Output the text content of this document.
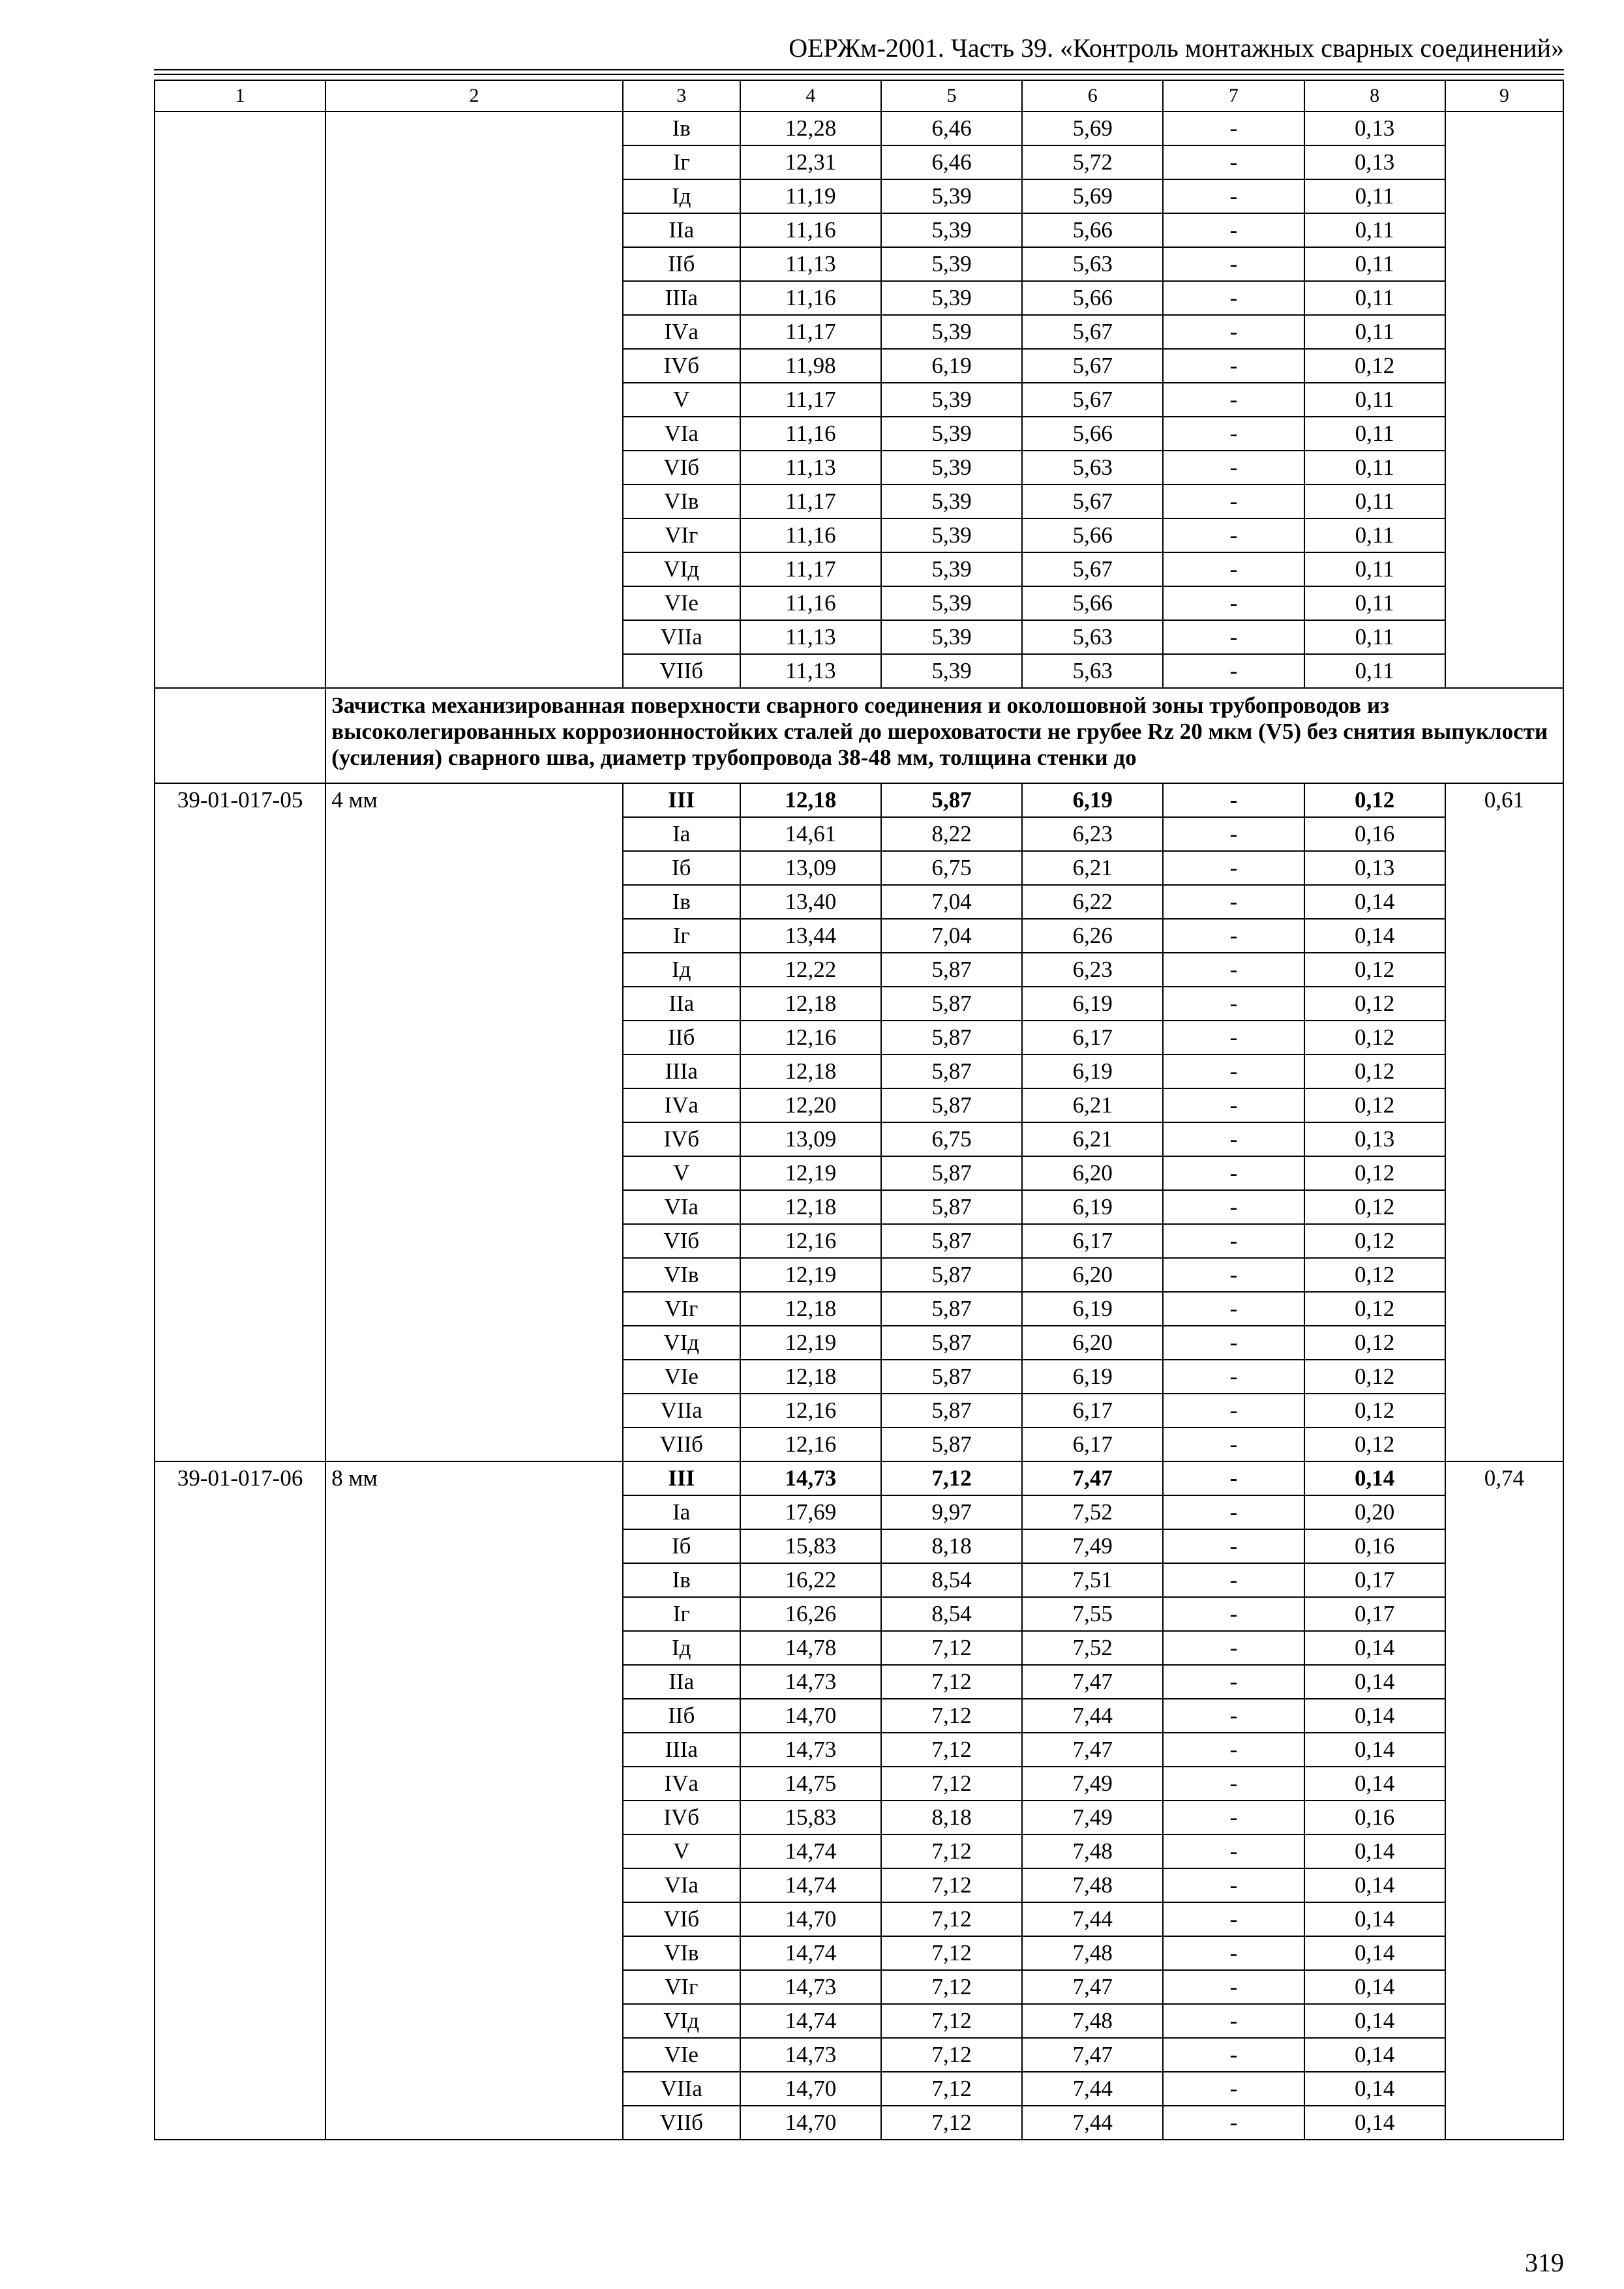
ОЕРЖм-2001. Часть 39. «Контроль монтажных сварных соединений»
1	2	3	4	5	6	7	8	9
		Iв	12,28	6,46	5,69	-	0,13	
		Iг	12,31	6,46	5,72	-	0,13	
		Iд	11,19	5,39	5,69	-	0,11	
		IIа	11,16	5,39	5,66	-	0,11	
		IIб	11,13	5,39	5,63	-	0,11	
		IIIа	11,16	5,39	5,66	-	0,11	
		IVа	11,17	5,39	5,67	-	0,11	
		IVб	11,98	6,19	5,67	-	0,12	
		V	11,17	5,39	5,67	-	0,11	
		VIа	11,16	5,39	5,66	-	0,11	
		VIб	11,13	5,39	5,63	-	0,11	
		VIв	11,17	5,39	5,67	-	0,11	
		VIг	11,16	5,39	5,66	-	0,11	
		VIд	11,17	5,39	5,67	-	0,11	
		VIе	11,16	5,39	5,66	-	0,11	
		VIIа	11,13	5,39	5,63	-	0,11	
		VIIб	11,13	5,39	5,63	-	0,11	
	Зачистка механизированная поверхности сварного соединения и околошовной зоны трубопроводов из высоколегированных коррозионностойких сталей до шероховатости не грубее Rz 20 мкм (V5) без снятия выпуклости (усиления) сварного шва, диаметр трубопровода 38-48 мм, толщина стенки до							
39-01-017-05	4 мм	III	12,18	5,87	6,19	-	0,12	0,61
		Iа	14,61	8,22	6,23	-	0,16	
		Iб	13,09	6,75	6,21	-	0,13	
		Iв	13,40	7,04	6,22	-	0,14	
		Iг	13,44	7,04	6,26	-	0,14	
		Iд	12,22	5,87	6,23	-	0,12	
		IIа	12,18	5,87	6,19	-	0,12	
		IIб	12,16	5,87	6,17	-	0,12	
		IIIа	12,18	5,87	6,19	-	0,12	
		IVа	12,20	5,87	6,21	-	0,12	
		IVб	13,09	6,75	6,21	-	0,13	
		V	12,19	5,87	6,20	-	0,12	
		VIа	12,18	5,87	6,19	-	0,12	
		VIб	12,16	5,87	6,17	-	0,12	
		VIв	12,19	5,87	6,20	-	0,12	
		VIг	12,18	5,87	6,19	-	0,12	
		VIд	12,19	5,87	6,20	-	0,12	
		VIе	12,18	5,87	6,19	-	0,12	
		VIIа	12,16	5,87	6,17	-	0,12	
		VIIб	12,16	5,87	6,17	-	0,12	
39-01-017-06	8 мм	III	14,73	7,12	7,47	-	0,14	0,74
		Iа	17,69	9,97	7,52	-	0,20	
		Iб	15,83	8,18	7,49	-	0,16	
		Iв	16,22	8,54	7,51	-	0,17	
		Iг	16,26	8,54	7,55	-	0,17	
		Iд	14,78	7,12	7,52	-	0,14	
		IIа	14,73	7,12	7,47	-	0,14	
		IIб	14,70	7,12	7,44	-	0,14	
		IIIа	14,73	7,12	7,47	-	0,14	
		IVа	14,75	7,12	7,49	-	0,14	
		IVб	15,83	8,18	7,49	-	0,16	
		V	14,74	7,12	7,48	-	0,14	
		VIа	14,74	7,12	7,48	-	0,14	
		VIб	14,70	7,12	7,44	-	0,14	
		VIв	14,74	7,12	7,48	-	0,14	
		VIг	14,73	7,12	7,47	-	0,14	
		VIд	14,74	7,12	7,48	-	0,14	
		VIе	14,73	7,12	7,47	-	0,14	
		VIIа	14,70	7,12	7,44	-	0,14	
		VIIб	14,70	7,12	7,44	-	0,14	
319
